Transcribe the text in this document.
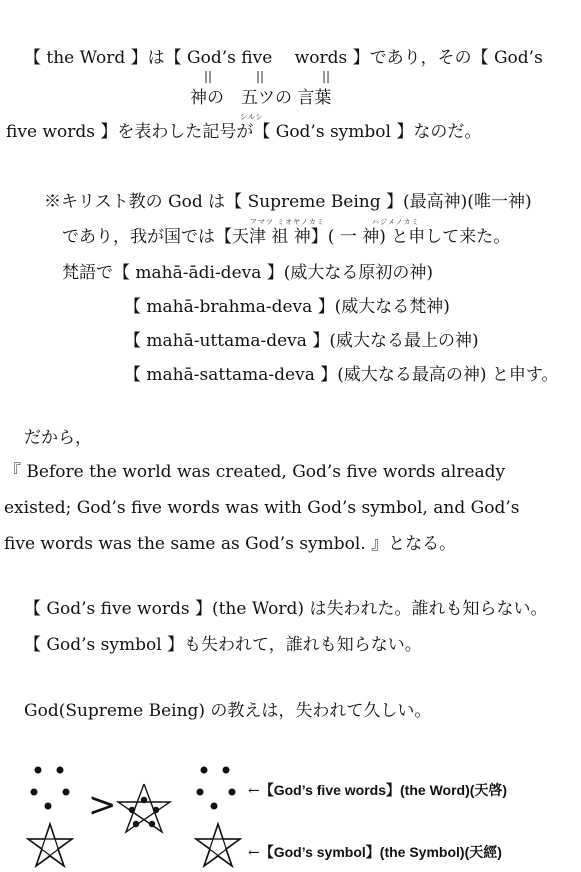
【 the Word 】は【 God’s five　 words 】であり，その【 God’s
||	||	||
神の　五ツの 言葉
シルシ
five words 】を表わした記号が【 God’s symbol 】なのだ。
※キリスト教の God は【 Supreme Being 】(最高神)(唯一神)
アマツ ミオヤノカミ	ハジメノカミ
であり，我が国では【天津 祖 神】( 一 神) と申して来た。
梵語で【 mahā-ādi-deva 】(威大なる原初の神)
【 mahā-brahma-deva 】(威大なる梵神)
【 mahā-uttama-deva 】(威大なる最上の神)
【 mahā-sattama-deva 】(威大なる最高の神) と申す。
だから，
『 Before the world was created, God’s five words already
existed; God’s five words was with God’s symbol, and God’s
five words was the same as God’s symbol. 』となる。
【 God’s five words 】(the Word) は失われた。誰れも知らない。
【 God’s symbol 】も失われて，誰れも知らない。
God(Supreme Being) の教えは，失われて久しい。
>	←【God’s five words】(the Word)(天啓)
←【God’s symbol】(the Symbol)(天經)
